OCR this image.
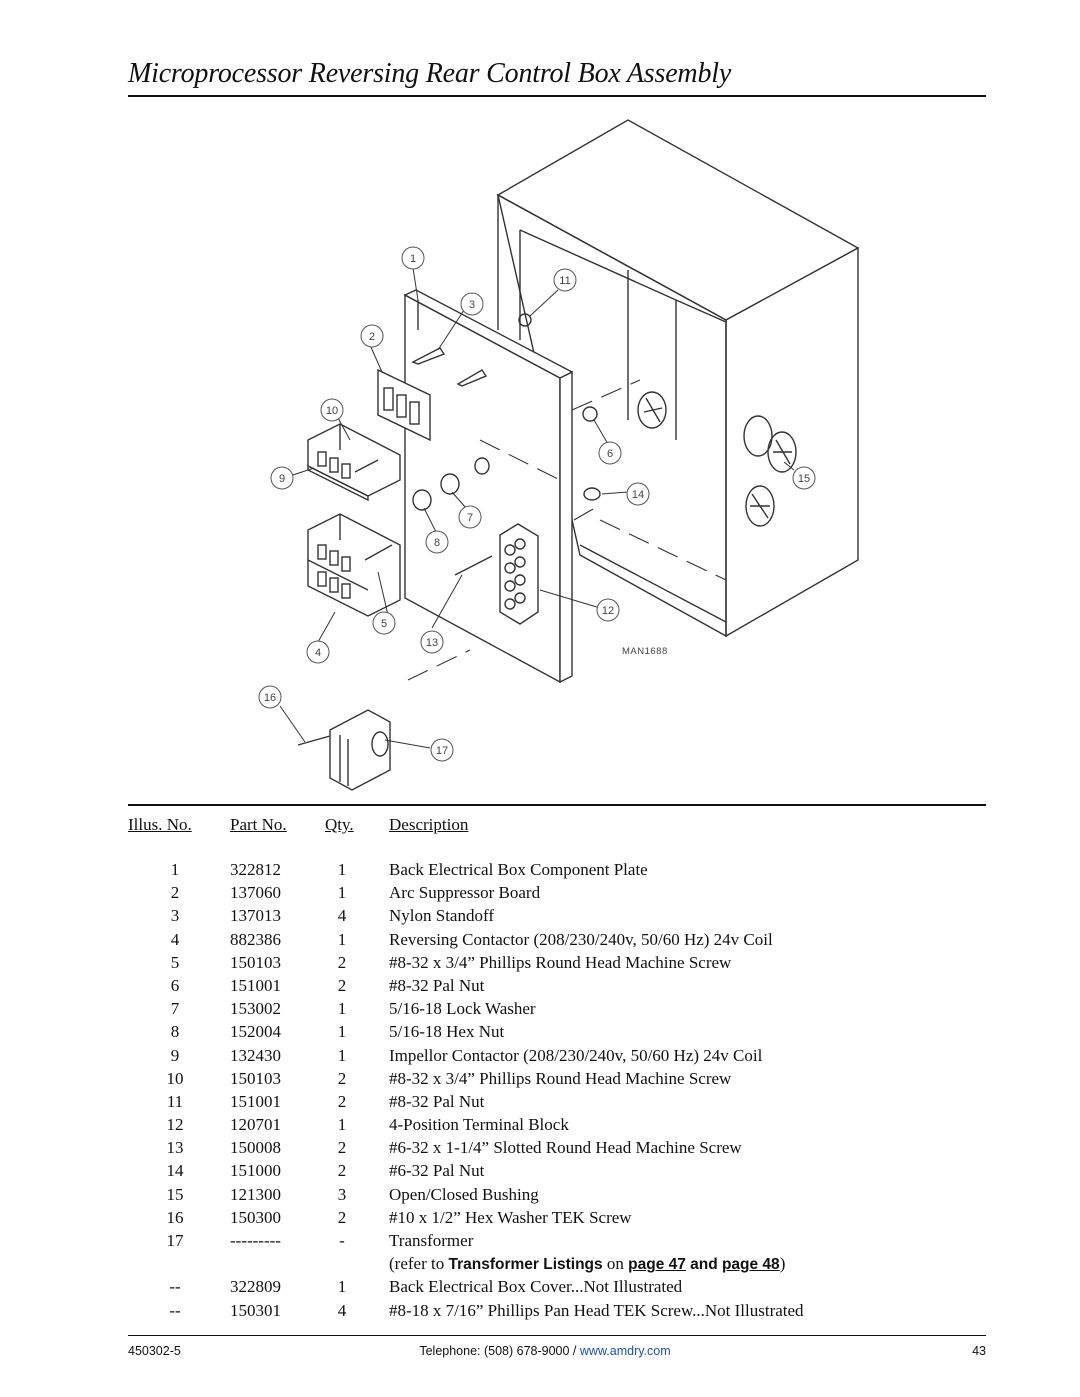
Microprocessor Reversing Rear Control Box Assembly
1
11
3
2
10
6
9
14
15
7
8
12
5
13
4
16
17
MAN1688
Illus. No. Part No. Qty. Description
1	322812	1	Back Electrical Box Component Plate
2	137060	1	Arc Suppressor Board
3	137013	4	Nylon Standoff
4	882386	1	Reversing Contactor (208/230/240v, 50/60 Hz) 24v Coil
5	150103	2	#8-32 x 3/4” Phillips Round Head Machine Screw
6	151001	2	#8-32 Pal Nut
7	153002	1	5/16-18 Lock Washer
8	152004	1	5/16-18 Hex Nut
9	132430	1	Impellor Contactor (208/230/240v, 50/60 Hz) 24v Coil
10	150103	2	#8-32 x 3/4” Phillips Round Head Machine Screw
11	151001	2	#8-32 Pal Nut
12	120701	1	4-Position Terminal Block
13	150008	2	#6-32 x 1-1/4” Slotted Round Head Machine Screw
14	151000	2	#6-32 Pal Nut
15	121300	3	Open/Closed Bushing
16	150300	2	#10 x 1/2” Hex Washer TEK Screw
17	---------	-	Transformer
(refer to Transformer Listings on page 47 and page 48)
--	322809	1	Back Electrical Box Cover...Not Illustrated
--	150301	4	#8-18 x 7/16” Phillips Pan Head TEK Screw...Not Illustrated
450302-5	Telephone: (508) 678-9000 / www.amdry.com	43
